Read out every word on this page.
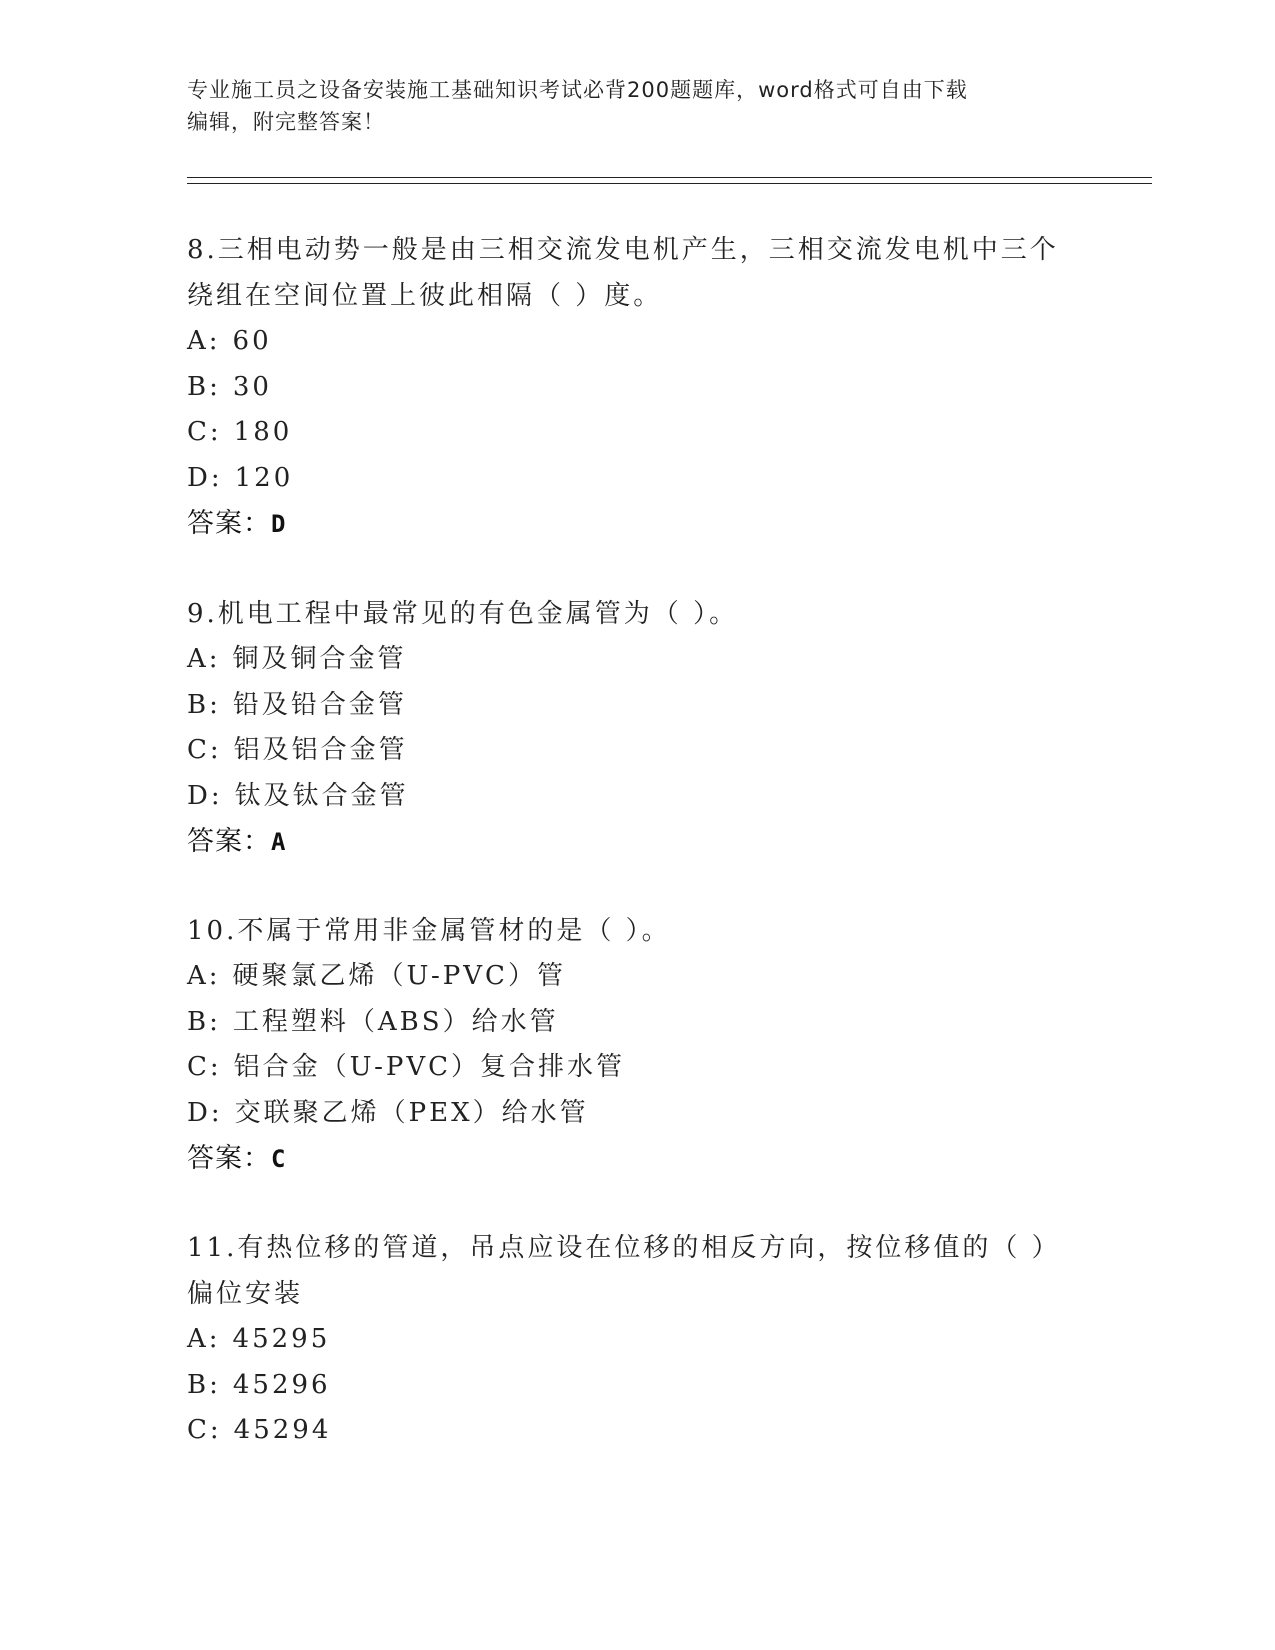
专业施工员之设备安装施工基础知识考试必背200题题库，word格式可自由下载
编辑，附完整答案！

8.三相电动势一般是由三相交流发电机产生，三相交流发电机中三个绕组在空间位置上彼此相隔（ ）度。

A: 60
B: 30
C: 180
D: 120
答案：D

9.机电工程中最常见的有色金属管为（ ）。

A: 铜及铜合金管
B: 铅及铅合金管
C: 铝及铝合金管
D: 钛及钛合金管
答案：A

10.不属于常用非金属管材的是（ ）。

A: 硬聚氯乙烯（U-PVC）管
B: 工程塑料（ABS）给水管
C: 铝合金（U-PVC）复合排水管
D: 交联聚乙烯（PEX）给水管
答案：C

11.有热位移的管道，吊点应设在位移的相反方向，按位移值的（ ）偏位安装

A: 45295
B: 45296
C: 45294
